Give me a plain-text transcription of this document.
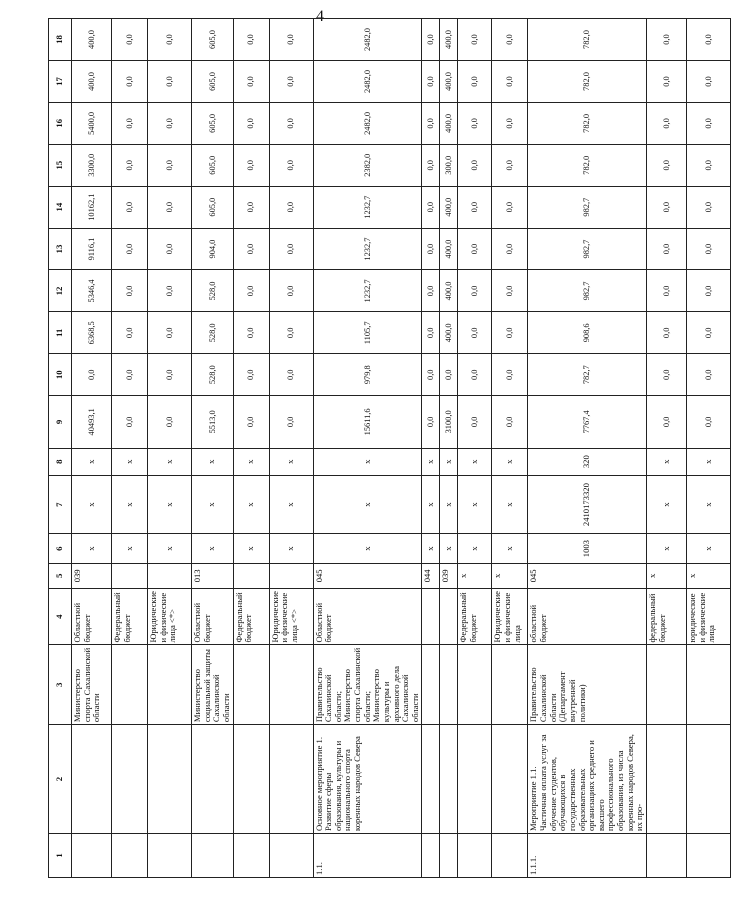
4
1	2	3	4	5	6	7	8	9	10	11	12	13	14	15	16	17	18
		Министерство спорта Сахалинской области	Областной бюджет	039	x	x	x	40493,1	0,0	6368,5	5346,4	9116,1	10162,1	3300,0	5400,0	400,0	400,0
			Федеральный бюджет		x	x	x	0,0	0,0	0,0	0,0	0,0	0,0	0,0	0,0	0,0	0,0
			Юридические и физические лица <*>		x	x	x	0,0	0,0	0,0	0,0	0,0	0,0	0,0	0,0	0,0	0,0
		Министерство социальной защиты Сахалинской области	Областной бюджет	013	x	x	x	5513,0	528,0	528,0	528,0	904,0	605,0	605,0	605,0	605,0	605,0
			Федеральный бюджет		x	x	x	0,0	0,0	0,0	0,0	0,0	0,0	0,0	0,0	0,0	0,0
			Юридические и физические лица <*>		x	x	x	0,0	0,0	0,0	0,0	0,0	0,0	0,0	0,0	0,0	0,0
1.1.	Основное мероприятие 1. Развитие сферы образования, культуры и национального спорта коренных народов Севера	Правительство Сахалинской области; Министерство спорта Сахалинской области; Министерство культуры и архивного дела Сахалинской области	Областной бюджет	045	x	x	x	15611,6	979,8	1105,7	1232,7	1232,7	1232,7	2382,0	2482,0	2482,0	2482,0
				044	x	x	x	0,0	0,0	0,0	0,0	0,0	0,0	0,0	0,0	0,0	0,0
				039	x	x	x	3100,0	0,0	400,0	400,0	400,0	400,0	300,0	400,0	400,0	400,0
			Федеральный бюджет	x	x	x	x	0,0	0,0	0,0	0,0	0,0	0,0	0,0	0,0	0,0	0,0
			Юридические и физические лица	x	x	x	x	0,0	0,0	0,0	0,0	0,0	0,0	0,0	0,0	0,0	0,0
1.1.1.	Мероприятие 1.1. Частичная оплата услуг за обучение студентов, обучающихся в государственных образовательных организациях среднего и высшего профессионального образования, из числа коренных народов Севера, их про-	Правительство Сахалинской области (Департамент внутренней политики)	областной бюджет	045	1003	2410173320	320	7767,4	782,7	908,6	982,7	982,7	982,7	782,0	782,0	782,0	782,0
			федеральный бюджет	x	x	x	x	0,0	0,0	0,0	0,0	0,0	0,0	0,0	0,0	0,0	0,0
			юридические и физические лица	x	x	x	x	0,0	0,0	0,0	0,0	0,0	0,0	0,0	0,0	0,0	0,0
